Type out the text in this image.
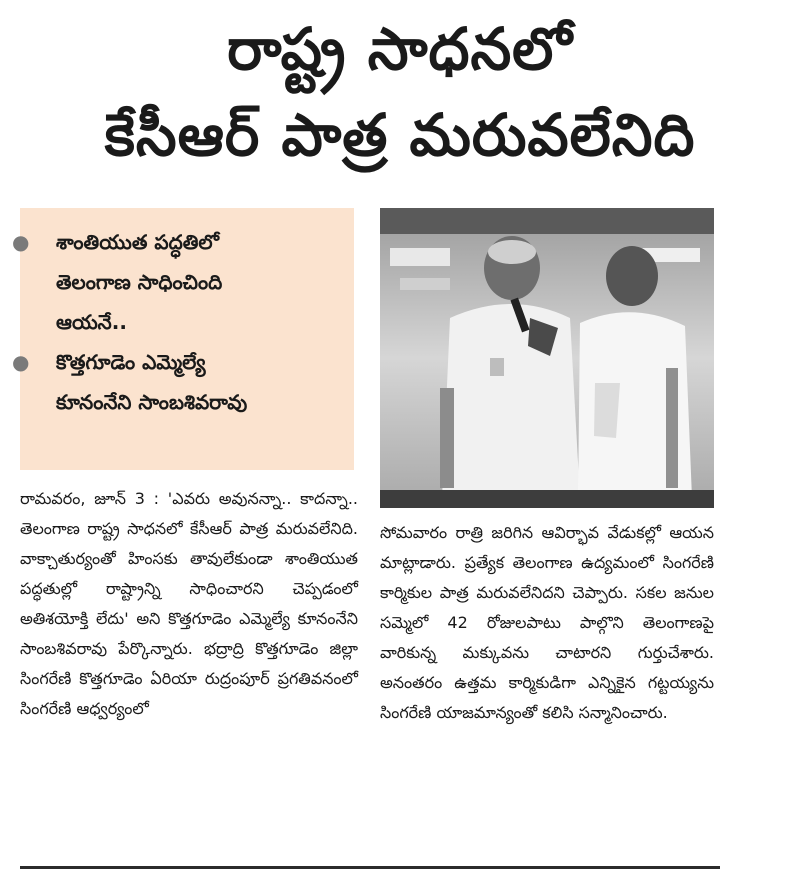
రాష్ట్ర సాధనలో
కేసీఆర్ పాత్ర మరువలేనిది
● శాంతియుత పద్ధతిలో
తెలంగాణ సాధించింది
ఆయనే..
● కొత్తగూడెం ఎమ్మెల్యే
కూనంనేని సాంబశివరావు

రామవరం, జూన్ 3 : 'ఎవరు అవునన్నా.. కాదన్నా.. తెలంగాణ రాష్ట్ర సాధనలో కేసీఆర్ పాత్ర మరువలేనిది. వాక్చాతుర్యంతో హింసకు తావులేకుండా శాంతియుత పద్ధతుల్లో రాష్ట్రాన్ని సాధించారని చెప్పడంలో అతిశయోక్తి లేదు' అని కొత్తగూడెం ఎమ్మెల్యే కూనంనేని సాంబశివరావు పేర్కొన్నారు. భద్రాద్రి కొత్తగూడెం జిల్లా సింగరేణి కొత్తగూడెం ఏరియా రుద్రంపూర్ ప్రగతివనంలో సింగరేణి ఆధ్వర్యంలో

సోమవారం రాత్రి జరిగిన ఆవిర్భావ వేడుకల్లో ఆయన మాట్లాడారు. ప్రత్యేక తెలంగాణ ఉద్యమంలో సింగరేణి కార్మికుల పాత్ర మరువలేనిదని చెప్పారు. సకల జనుల సమ్మెలో 42 రోజులపాటు పాల్గొని తెలంగాణపై వారికున్న మక్కువను చాటారని గుర్తుచేశారు. అనంతరం ఉత్తమ కార్మికుడిగా ఎన్నికైన గట్టయ్యను సింగరేణి యాజమాన్యంతో కలిసి సన్మానించారు.
